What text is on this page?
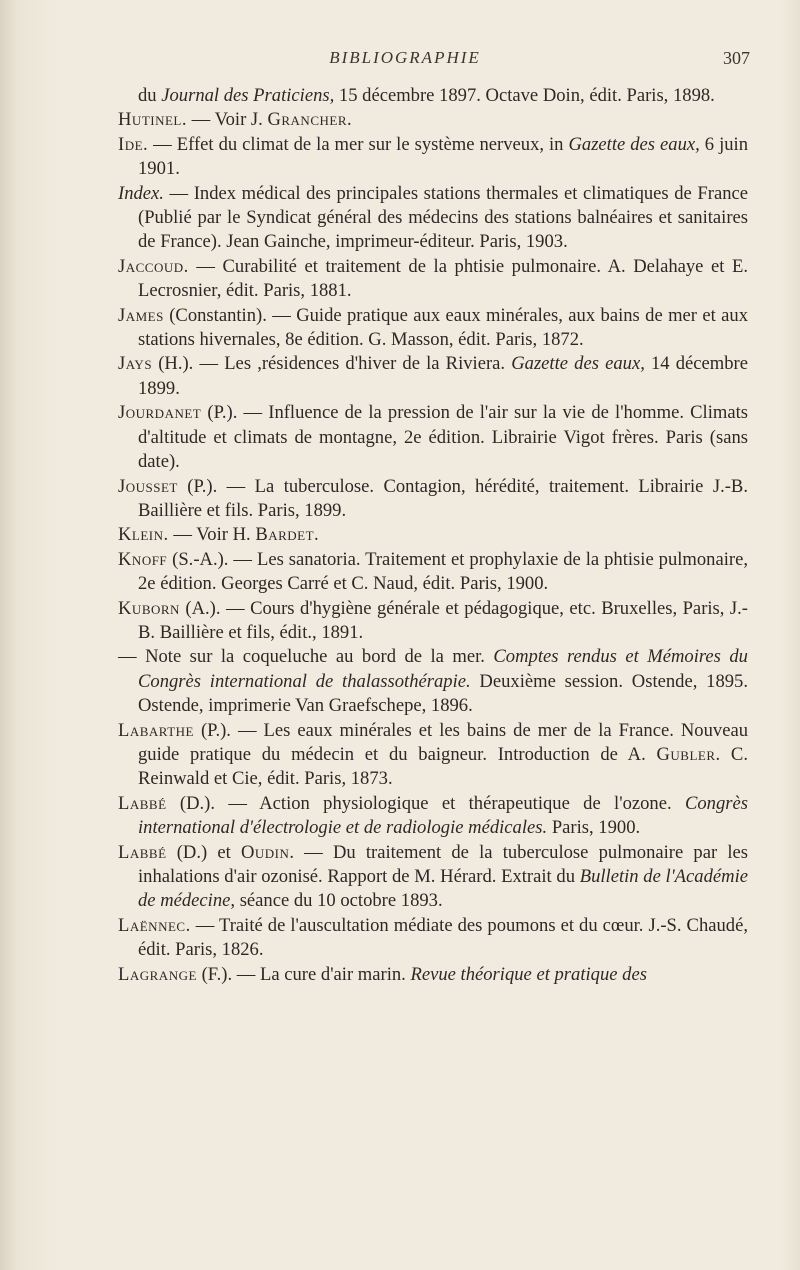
BIBLIOGRAPHIE	307

du Journal des Praticiens, 15 décembre 1897. Octave Doin, édit. Paris, 1898.

Hutinel. — Voir J. Grancher.

Ide. — Effet du climat de la mer sur le système nerveux, in Gazette des eaux, 6 juin 1901.

Index. — Index médical des principales stations thermales et climatiques de France (Publié par le Syndicat général des médecins des stations balnéaires et sanitaires de France). Jean Gainche, imprimeur-éditeur. Paris, 1903.

Jaccoud. — Curabilité et traitement de la phtisie pulmonaire. A. Delahaye et E. Lecrosnier, édit. Paris, 1881.

James (Constantin). — Guide pratique aux eaux minérales, aux bains de mer et aux stations hivernales, 8e édition. G. Masson, édit. Paris, 1872.

Jays (H.). — Les ,résidences d'hiver de la Riviera. Gazette des eaux, 14 décembre 1899.

Jourdanet (P.). — Influence de la pression de l'air sur la vie de l'homme. Climats d'altitude et climats de montagne, 2e édition. Librairie Vigot frères. Paris (sans date).

Jousset (P.). — La tuberculose. Contagion, hérédité, traitement. Librairie J.-B. Baillière et fils. Paris, 1899.

Klein. — Voir H. Bardet.

Knoff (S.-A.). — Les sanatoria. Traitement et prophylaxie de la phtisie pulmonaire, 2e édition. Georges Carré et C. Naud, édit. Paris, 1900.

Kuborn (A.). — Cours d'hygiène générale et pédagogique, etc. Bruxelles, Paris, J.-B. Baillière et fils, édit., 1891.

— Note sur la coqueluche au bord de la mer. Comptes rendus et Mémoires du Congrès international de thalassothérapie. Deuxième session. Ostende, 1895. Ostende, imprimerie Van Graefschepe, 1896.

Labarthe (P.). — Les eaux minérales et les bains de mer de la France. Nouveau guide pratique du médecin et du baigneur. Introduction de A. Gubler. C. Reinwald et Cie, édit. Paris, 1873.

Labbé (D.). — Action physiologique et thérapeutique de l'ozone. Congrès international d'électrologie et de radiologie médicales. Paris, 1900.

Labbé (D.) et Oudin. — Du traitement de la tuberculose pulmonaire par les inhalations d'air ozonisé. Rapport de M. Hérard. Extrait du Bulletin de l'Académie de médecine, séance du 10 octobre 1893.

Laënnec. — Traité de l'auscultation médiate des poumons et du cœur. J.-S. Chaudé, édit. Paris, 1826.

Lagrange (F.). — La cure d'air marin. Revue théorique et pratique des
